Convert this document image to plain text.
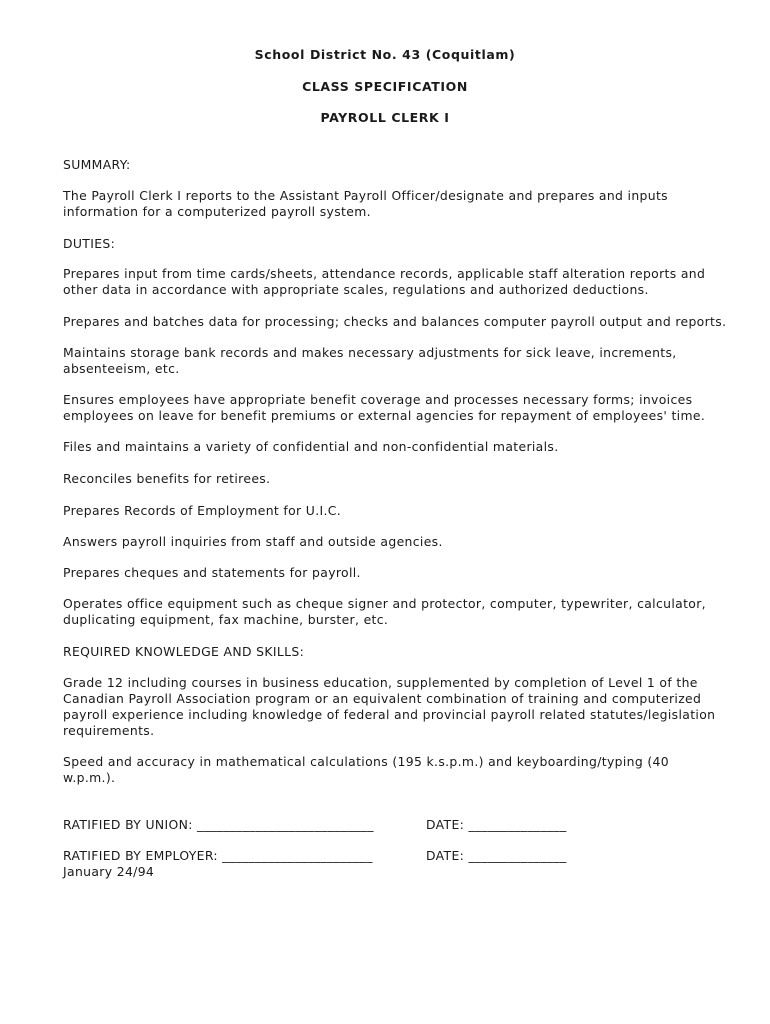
School District No. 43 (Coquitlam)
CLASS SPECIFICATION
PAYROLL CLERK I
SUMMARY:
The Payroll Clerk I reports to the Assistant Payroll Officer/designate and prepares and inputs
information for a computerized payroll system.
DUTIES:
Prepares input from time cards/sheets, attendance records, applicable staff alteration reports and
other data in accordance with appropriate scales, regulations and authorized deductions.
Prepares and batches data for processing; checks and balances computer payroll output and reports.
Maintains storage bank records and makes necessary adjustments for sick leave, increments,
absenteeism, etc.
Ensures employees have appropriate benefit coverage and processes necessary forms; invoices
employees on leave for benefit premiums or external agencies for repayment of employees' time.
Files and maintains a variety of confidential and non-confidential materials.
Reconciles benefits for retirees.
Prepares Records of Employment for U.I.C.
Answers payroll inquiries from staff and outside agencies.
Prepares cheques and statements for payroll.
Operates office equipment such as cheque signer and protector, computer, typewriter, calculator,
duplicating equipment, fax machine, burster, etc.
REQUIRED KNOWLEDGE AND SKILLS:
Grade 12 including courses in business education, supplemented by completion of Level 1 of the
Canadian Payroll Association program or an equivalent combination of training and computerized
payroll experience including knowledge of federal and provincial payroll related statutes/legislation
requirements.
Speed and accuracy in mathematical calculations (195 k.s.p.m.) and keyboarding/typing (40
w.p.m.).
RATIFIED BY UNION: ___________________________	DATE: _______________
RATIFIED BY EMPLOYER: _______________________	DATE: _______________
January 24/94
